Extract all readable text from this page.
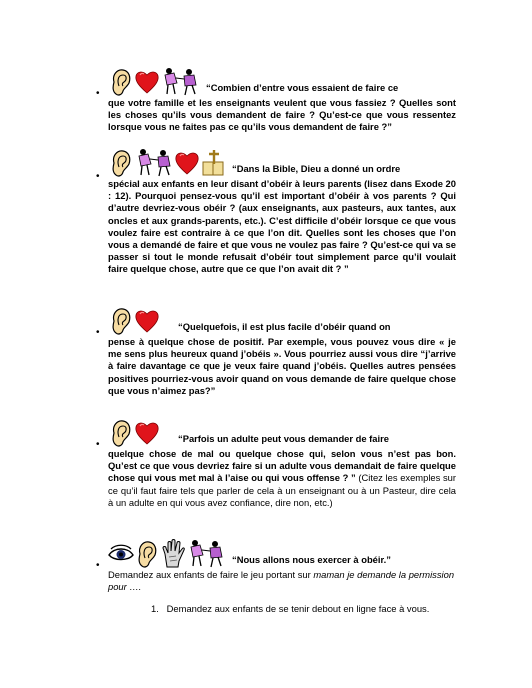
•
“Combien d’entre vous essaient de faire ce

que votre famille et les enseignants veulent que vous fassiez ? Quelles sont les choses qu’ils vous demandent de faire ? Qu’est-ce que vous ressentez lorsque vous ne faites pas ce qu’ils vous demandent de faire ?”

•
“Dans la Bible, Dieu a donné un ordre

spécial aux enfants en leur disant d’obéir à leurs parents (lisez dans Exode 20 : 12). Pourquoi pensez-vous qu’il est important d’obéir à vos parents ? Qui d’autre devriez-vous obéir ? (aux enseignants, aux pasteurs, aux tantes, aux oncles et aux grands-parents, etc.). C’est difficile d’obéir lorsque ce que vous voulez faire est contraire à ce que l’on dit. Quelles sont les choses que l’on vous a demandé de faire et que vous ne voulez pas faire ? Qu’est-ce qui va se passer si tout le monde refusait d’obéir tout simplement parce qu’il voulait faire quelque chose, autre que ce que l’on avait dit ? ”

•
“Quelquefois, il est plus facile d’obéir quand on

pense à quelque chose de positif. Par exemple, vous pouvez vous dire « je me sens plus heureux quand j’obéis ». Vous pourriez aussi vous dire “j’arrive à faire davantage ce que je veux faire quand j’obéis. Quelles autres pensées positives pourriez-vous avoir quand on vous demande de faire quelque chose que vous n’aimez pas?”

•
“Parfois un adulte peut vous demander de faire

quelque chose de mal ou quelque chose qui, selon vous n’est pas bon. Qu’est ce que vous devriez faire si un adulte vous demandait de faire quelque chose qui vous met mal à l’aise ou qui vous offense ? ” (Citez les exemples sur ce qu’il faut faire tels que parler de cela à un enseignant ou à un Pasteur, dire cela à un adulte en qui vous avez confiance, dire non, etc.)

•
“Nous allons nous exercer à obéir.”

Demandez aux enfants de faire le jeu portant sur maman je demande la permission pour ….

1. Demandez aux enfants de se tenir debout en ligne face à vous.
